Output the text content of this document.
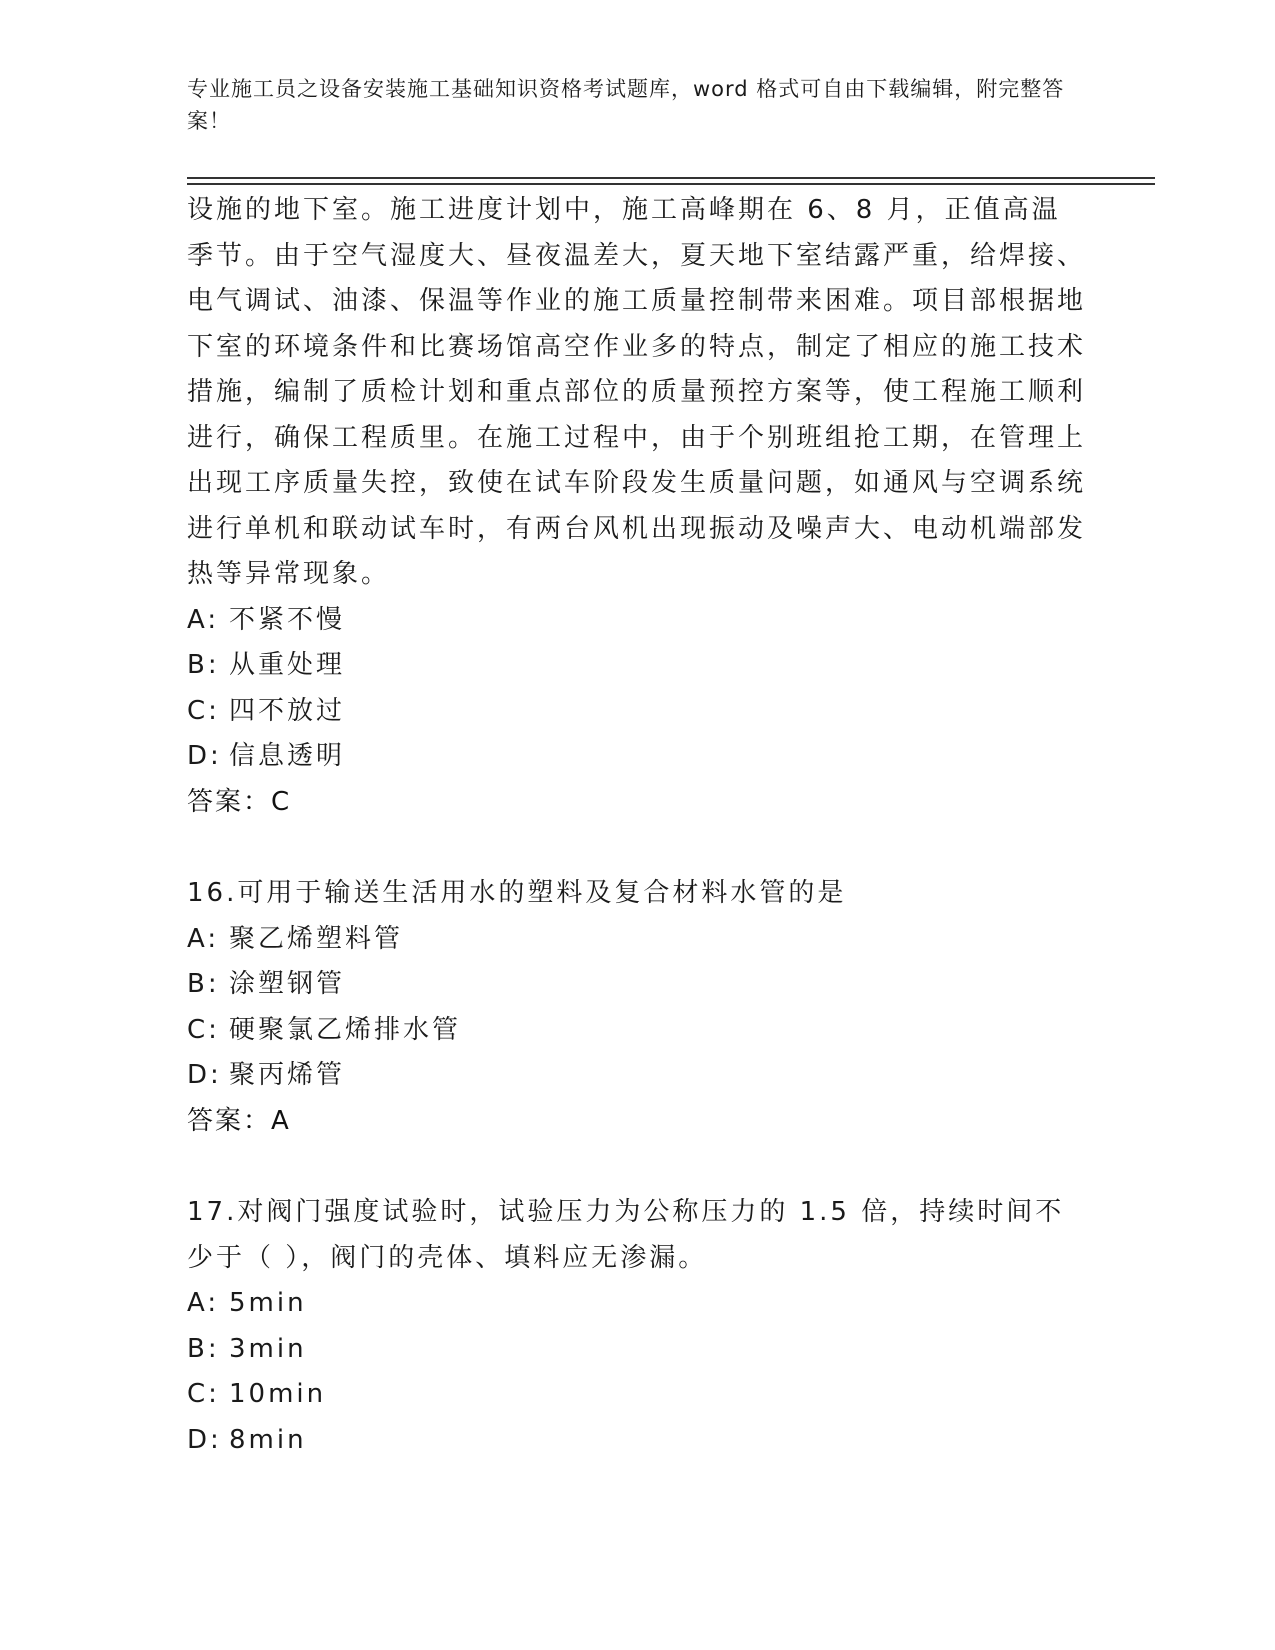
专业施工员之设备安装施工基础知识资格考试题库，word 格式可自由下载编辑，附完整答案！

设施的地下室。施工进度计划中，施工高峰期在 6、8 月，正值高温季节。由于空气湿度大、昼夜温差大，夏天地下室结露严重，给焊接、电气调试、油漆、保温等作业的施工质量控制带来困难。项目部根据地下室的环境条件和比赛场馆高空作业多的特点，制定了相应的施工技术措施，编制了质检计划和重点部位的质量预控方案等，使工程施工顺利进行，确保工程质里。在施工过程中，由于个别班组抢工期，在管理上出现工序质量失控，致使在试车阶段发生质量问题，如通风与空调系统进行单机和联动试车时，有两台风机出现振动及噪声大、电动机端部发热等异常现象。

A: 不紧不慢
B: 从重处理
C: 四不放过
D: 信息透明
答案：C

16.可用于输送生活用水的塑料及复合材料水管的是

A: 聚乙烯塑料管
B: 涂塑钢管
C: 硬聚氯乙烯排水管
D: 聚丙烯管
答案：A

17.对阀门强度试验时，试验压力为公称压力的 1.5 倍，持续时间不少于（ ），阀门的壳体、填料应无渗漏。

A: 5min
B: 3min
C: 10min
D: 8min
